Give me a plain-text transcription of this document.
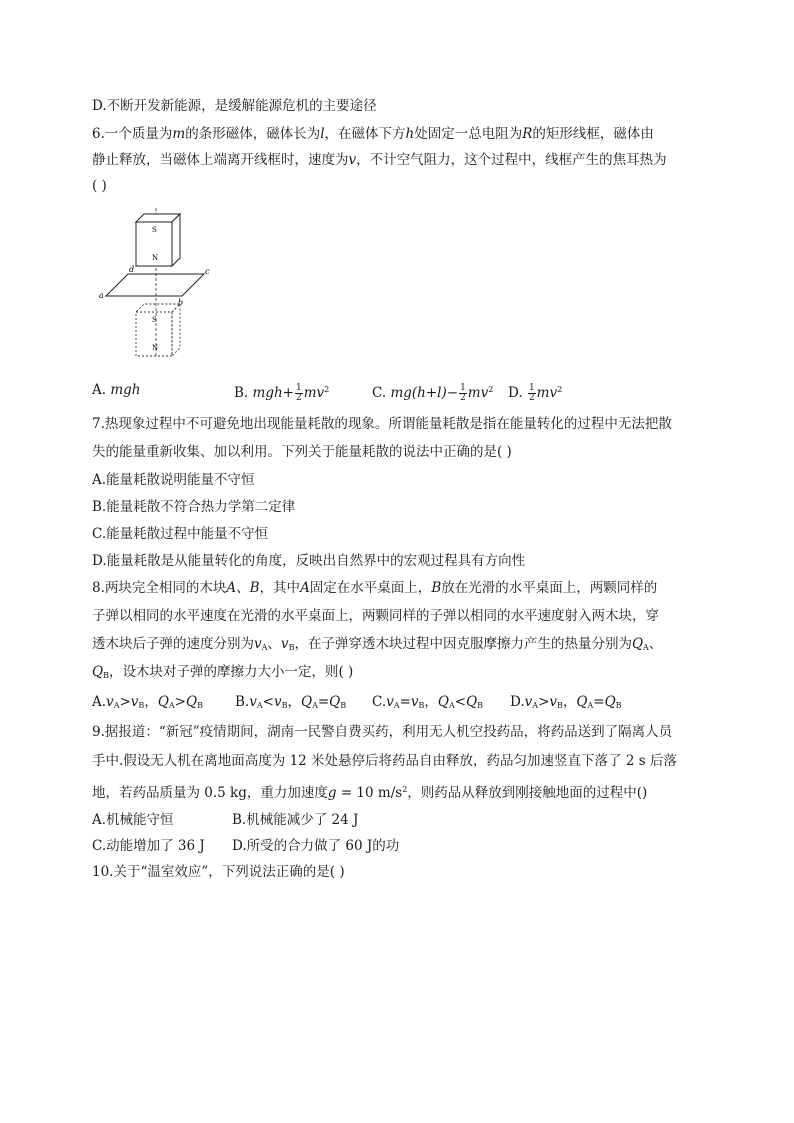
D.不断开发新能源，是缓解能源危机的主要途径
6.一个质量为m的条形磁体，磁体长为l，在磁体下方h处固定一总电阻为R的矩形线框，磁体由
静止释放，当磁体上端离开线框时，速度为v，不计空气阻力，这个过程中，线框产生的焦耳热为
( )
S
N
a
b
c
d
S
N
A. mgh	B. $mgh+ \frac{1}{2} mv^2$	C. $mg(h+l)- \frac{1}{2} mv^2$ D. $\frac{1}{2} mv^2$
7.热现象过程中不可避免地出现能量耗散的现象。所谓能量耗散是指在能量转化的过程中无法把散
失的能量重新收集、加以利用。下列关于能量耗散的说法中正确的是( )
A.能量耗散说明能量不守恒
B.能量耗散不符合热力学第二定律
C.能量耗散过程中能量不守恒
D.能量耗散是从能量转化的角度，反映出自然界中的宏观过程具有方向性
8.两块完全相同的木块A、B，其中A固定在水平桌面上，B放在光滑的水平桌面上，两颗同样的
子弹以相同的水平速度在光滑的水平桌面上，两颗同样的子弹以相同的水平速度射入两木块，穿
透木块后子弹的速度分别为$v_A$、$v_B$，在子弹穿透木块过程中因克服摩擦力产生的热量分别为$Q_A$、
$Q_B$，设木块对子弹的摩擦力大小一定，则( )
$A.v_A>v_B$，$Q_A>Q_B$ $B.v_A<v_B$，$Q_A=Q_B$ $C.v_A=v_B$，$Q_A<Q_B$ $D.v_A>v_B$，$Q_A=Q_B$
9.据报道：“新冠”疫情期间，湖南一民警自费买药，利用无人机空投药品，将药品送到了隔离人员
手中.假设无人机在离地面高度为 12 米处悬停后将药品自由释放，药品匀加速竖直下落了 2 s 后落
地，若药品质量为 0.5 kg，重力加速度g = 10 $m/s^2$，则药品从释放到刚接触地面的过程中()
A.机械能守恒	B.机械能减少了 24 J
C.动能增加了 36 J D.所受的合力做了 60 J的功
10.关于“温室效应”，下列说法正确的是( )
